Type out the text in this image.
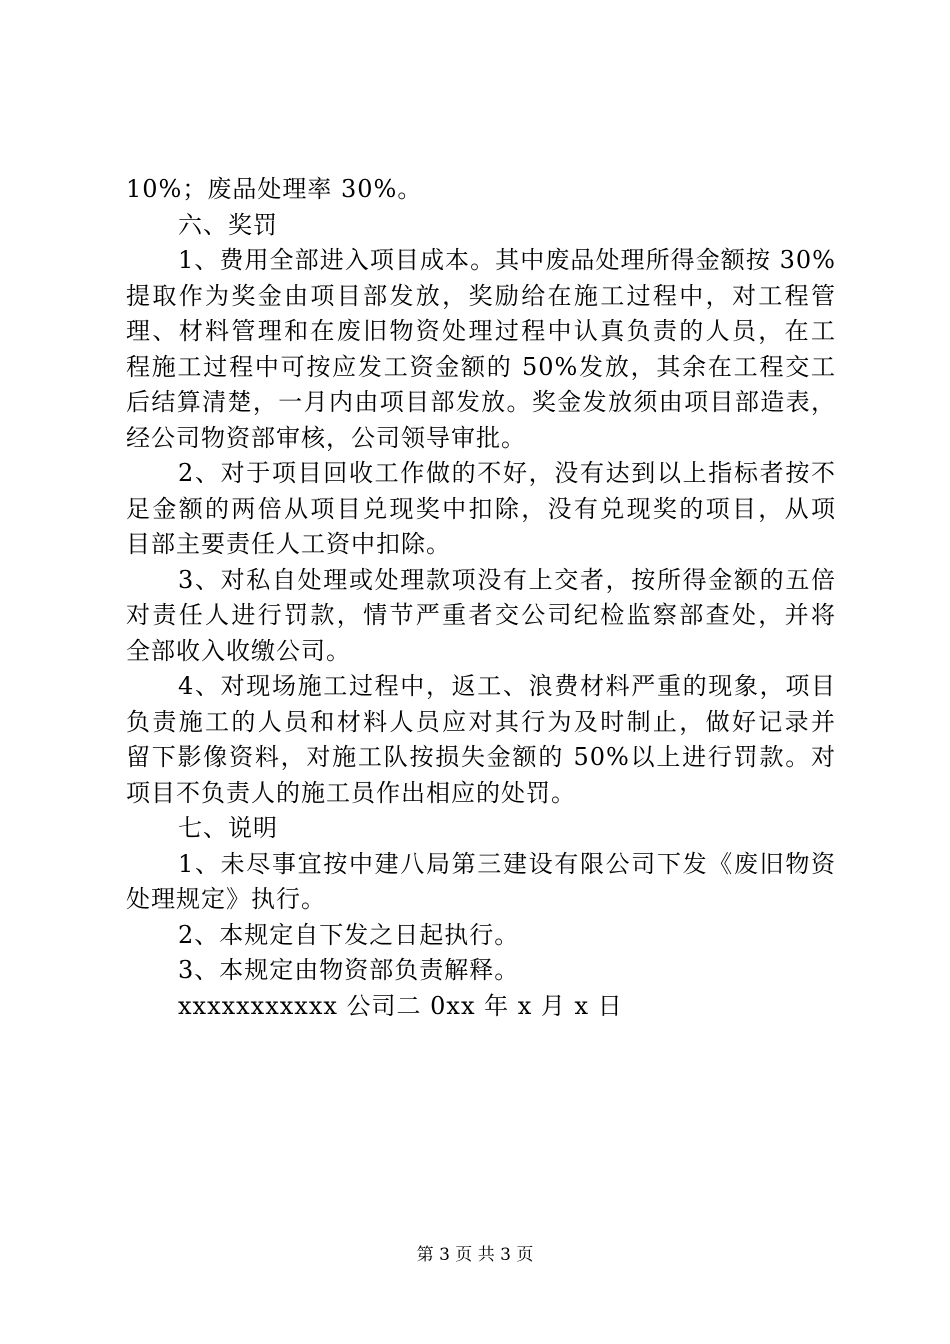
10%；废品处理率 30%。
六、奖罚
1、费用全部进入项目成本。其中废品处理所得金额按 30%
提取作为奖金由项目部发放，奖励给在施工过程中，对工程管
理、材料管理和在废旧物资处理过程中认真负责的人员，在工
程施工过程中可按应发工资金额的 50%发放，其余在工程交工
后结算清楚，一月内由项目部发放。奖金发放须由项目部造表，
经公司物资部审核，公司领导审批。
2、对于项目回收工作做的不好，没有达到以上指标者按不
足金额的两倍从项目兑现奖中扣除，没有兑现奖的项目，从项
目部主要责任人工资中扣除。
3、对私自处理或处理款项没有上交者，按所得金额的五倍
对责任人进行罚款，情节严重者交公司纪检监察部查处，并将
全部收入收缴公司。
4、对现场施工过程中，返工、浪费材料严重的现象，项目
负责施工的人员和材料人员应对其行为及时制止，做好记录并
留下影像资料，对施工队按损失金额的 50%以上进行罚款。对
项目不负责人的施工员作出相应的处罚。
七、说明
1、未尽事宜按中建八局第三建设有限公司下发《废旧物资
处理规定》执行。
2、本规定自下发之日起执行。
3、本规定由物资部负责解释。
xxxxxxxxxxx 公司二 0xx 年 x 月 x 日
第 3 页 共 3 页
